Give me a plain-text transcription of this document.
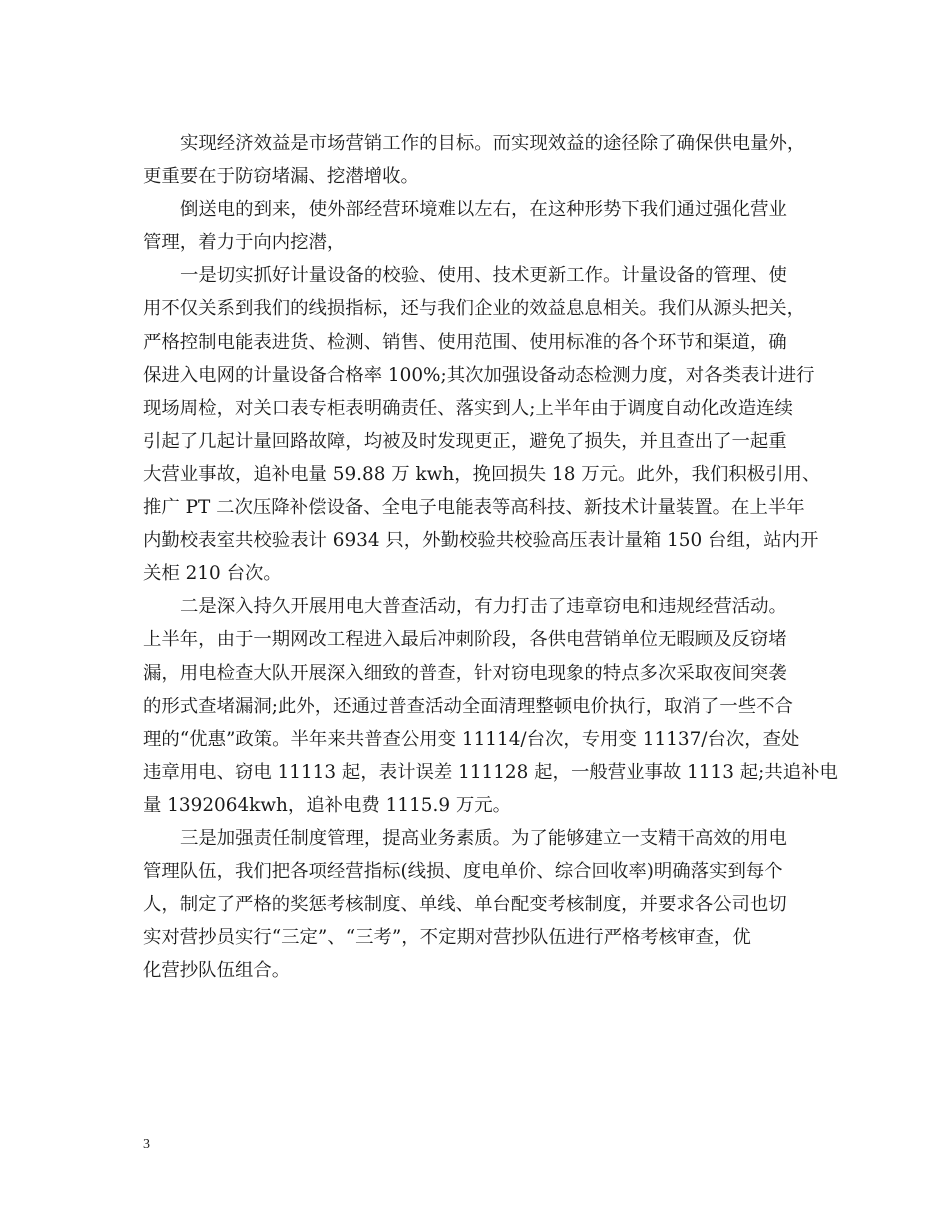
实现经济效益是市场营销工作的目标。而实现效益的途径除了确保供电量外，
更重要在于防窃堵漏、挖潜增收。

倒送电的到来，使外部经营环境难以左右，在这种形势下我们通过强化营业
管理，着力于向内挖潜，

一是切实抓好计量设备的校验、使用、技术更新工作。计量设备的管理、使
用不仅关系到我们的线损指标，还与我们企业的效益息息相关。我们从源头把关，
严格控制电能表进货、检测、销售、使用范围、使用标准的各个环节和渠道，确
保进入电网的计量设备合格率 100%;其次加强设备动态检测力度，对各类表计进行
现场周检，对关口表专柜表明确责任、落实到人;上半年由于调度自动化改造连续
引起了几起计量回路故障，均被及时发现更正，避免了损失，并且查出了一起重
大营业事故，追补电量 59.88 万 kwh，挽回损失 18 万元。此外，我们积极引用、
推广 PT 二次压降补偿设备、全电子电能表等高科技、新技术计量装置。在上半年
内勤校表室共校验表计 6934 只，外勤校验共校验高压表计量箱 150 台组，站内开
关柜 210 台次。

二是深入持久开展用电大普查活动，有力打击了违章窃电和违规经营活动。
上半年，由于一期网改工程进入最后冲刺阶段，各供电营销单位无暇顾及反窃堵
漏，用电检查大队开展深入细致的普查，针对窃电现象的特点多次采取夜间突袭
的形式查堵漏洞;此外，还通过普查活动全面清理整顿电价执行，取消了一些不合
理的“优惠”政策。半年来共普查公用变 11114/台次，专用变 11137/台次，查处
违章用电、窃电 11113 起，表计误差 111128 起，一般营业事故 1113 起;共追补电
量 1392064kwh，追补电费 1115.9 万元。

三是加强责任制度管理，提高业务素质。为了能够建立一支精干高效的用电
管理队伍，我们把各项经营指标(线损、度电单价、综合回收率)明确落实到每个
人，制定了严格的奖惩考核制度、单线、单台配变考核制度，并要求各公司也切
实对营抄员实行“三定”、“三考”，不定期对营抄队伍进行严格考核审查，优
化营抄队伍组合。

3
